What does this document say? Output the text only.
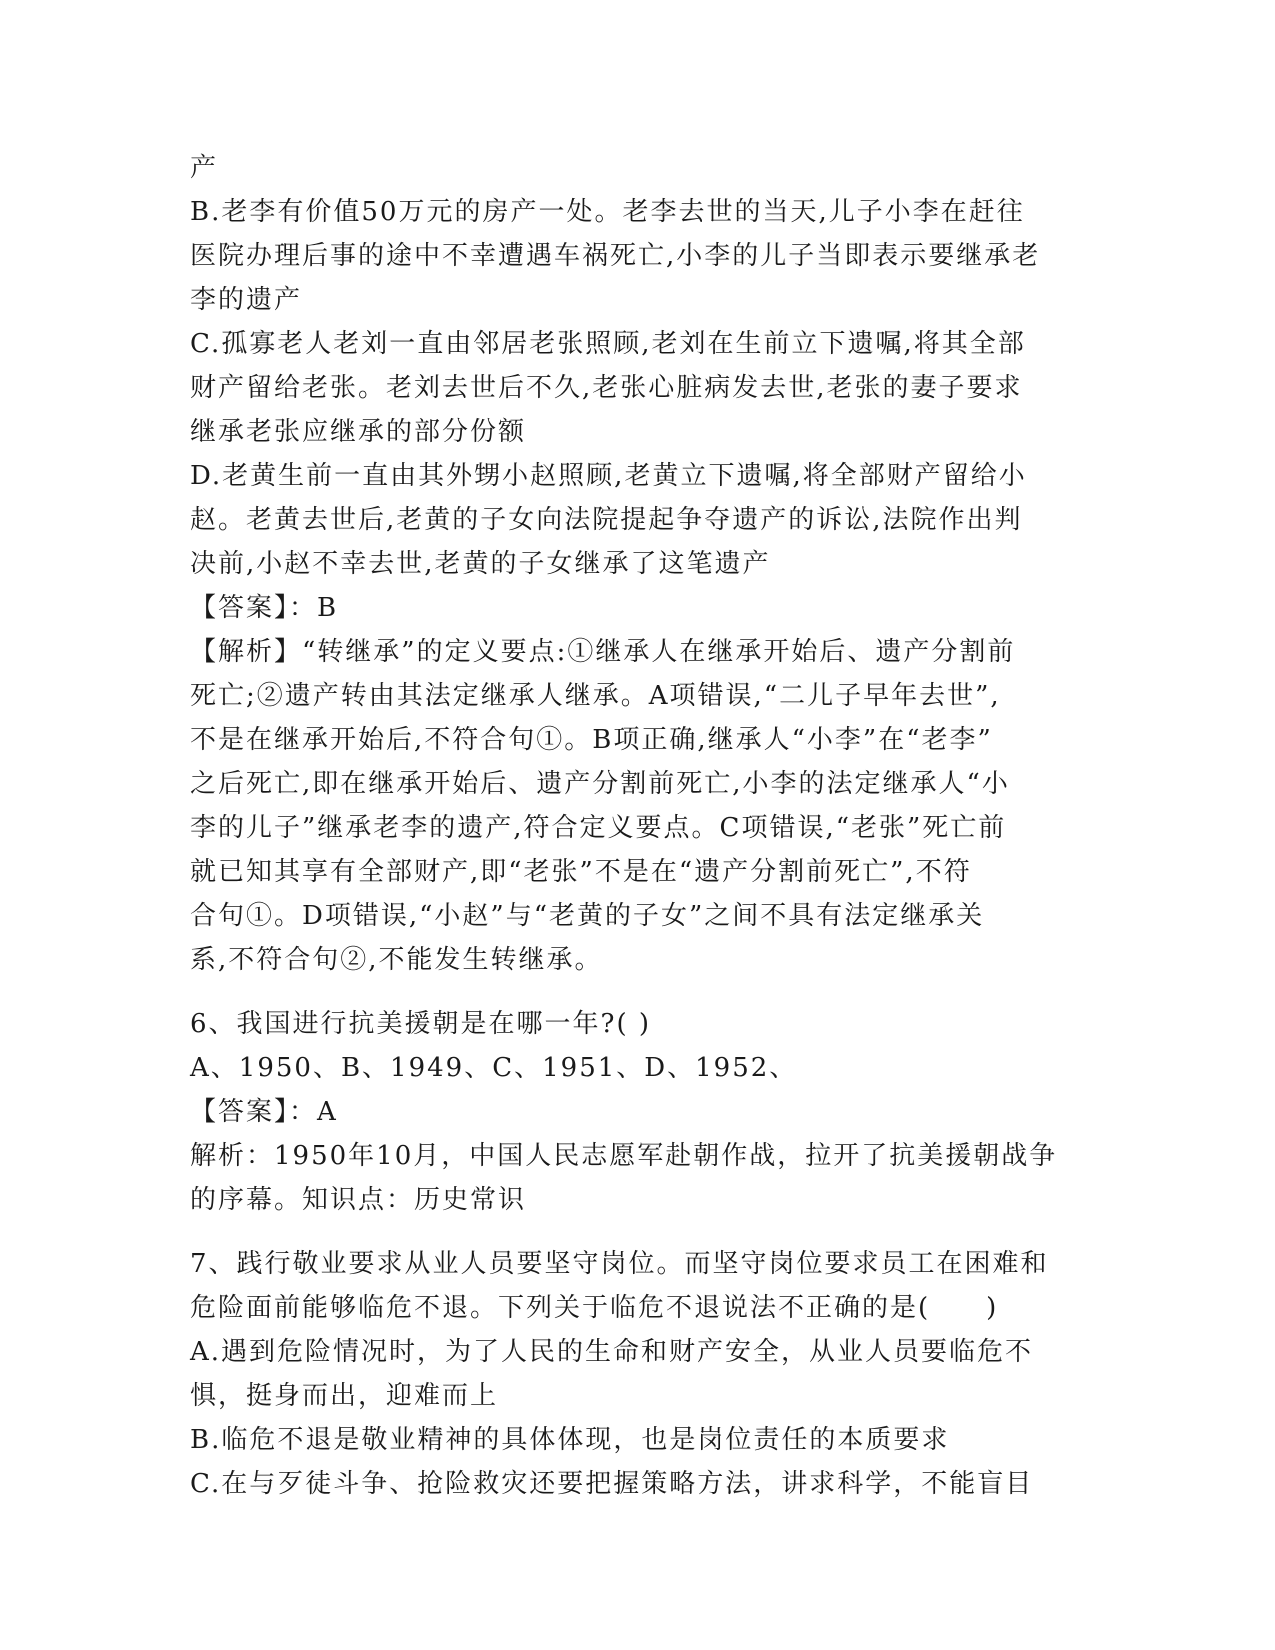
产
B.老李有价值50万元的房产一处。老李去世的当天,儿子小李在赶往
医院办理后事的途中不幸遭遇车祸死亡,小李的儿子当即表示要继承老
李的遗产
C.孤寡老人老刘一直由邻居老张照顾,老刘在生前立下遗嘱,将其全部
财产留给老张。老刘去世后不久,老张心脏病发去世,老张的妻子要求
继承老张应继承的部分份额
D.老黄生前一直由其外甥小赵照顾,老黄立下遗嘱,将全部财产留给小
赵。老黄去世后,老黄的子女向法院提起争夺遗产的诉讼,法院作出判
决前,小赵不幸去世,老黄的子女继承了这笔遗产
【答案】：B
【解析】“转继承”的定义要点:①继承人在继承开始后、遗产分割前
死亡;②遗产转由其法定继承人继承。A项错误,“二儿子早年去世”,
不是在继承开始后,不符合句①。B项正确,继承人“小李”在“老李”
之后死亡,即在继承开始后、遗产分割前死亡,小李的法定继承人“小
李的儿子”继承老李的遗产,符合定义要点。C项错误,“老张”死亡前
就已知其享有全部财产,即“老张”不是在“遗产分割前死亡”,不符
合句①。D项错误,“小赵”与“老黄的子女”之间不具有法定继承关
系,不符合句②,不能发生转继承。
6、我国进行抗美援朝是在哪一年?( )
A、1950、B、1949、C、1951、D、1952、
【答案】：A
解析：1950年10月，中国人民志愿军赴朝作战，拉开了抗美援朝战争
的序幕。知识点：历史常识
7、践行敬业要求从业人员要坚守岗位。而坚守岗位要求员工在困难和
危险面前能够临危不退。下列关于临危不退说法不正确的是(　　)
A.遇到危险情况时，为了人民的生命和财产安全，从业人员要临危不
惧，挺身而出，迎难而上
B.临危不退是敬业精神的具体体现，也是岗位责任的本质要求
C.在与歹徒斗争、抢险救灾还要把握策略方法，讲求科学，不能盲目
